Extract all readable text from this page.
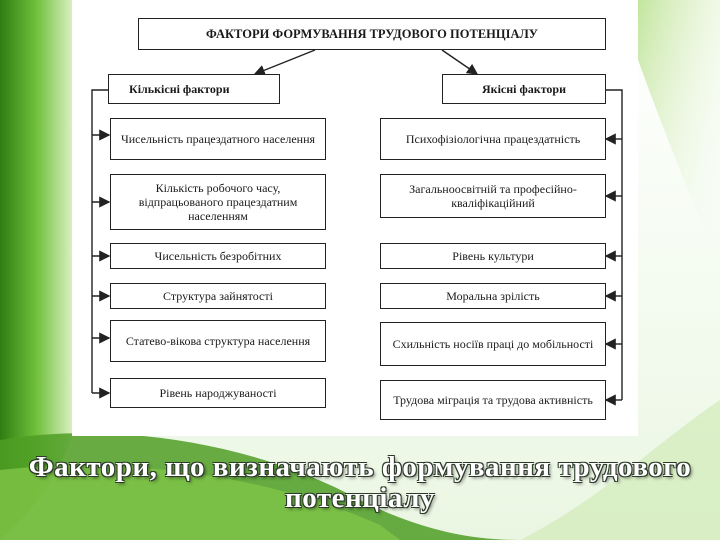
ФАКТОРИ ФОРМУВАННЯ ТРУДОВОГО ПОТЕНЦІАЛУ
Кількісні фактори	Якісні фактори
Чисельність працездатного населення
Кількість робочого часу, відпрацьованого працездатним населенням
Чисельність безробітних
Структура зайнятості
Статево-вікова структура населення
Рівень народжуваності
Психофізіологічна працездатність
Загальноосвітній та професійно-кваліфікаційний
Рівень культури
Моральна зрілість
Схильність носіїв праці до мобільності
Трудова міграція та трудова активність
Фактори, що визначають формування трудового потенціалу
